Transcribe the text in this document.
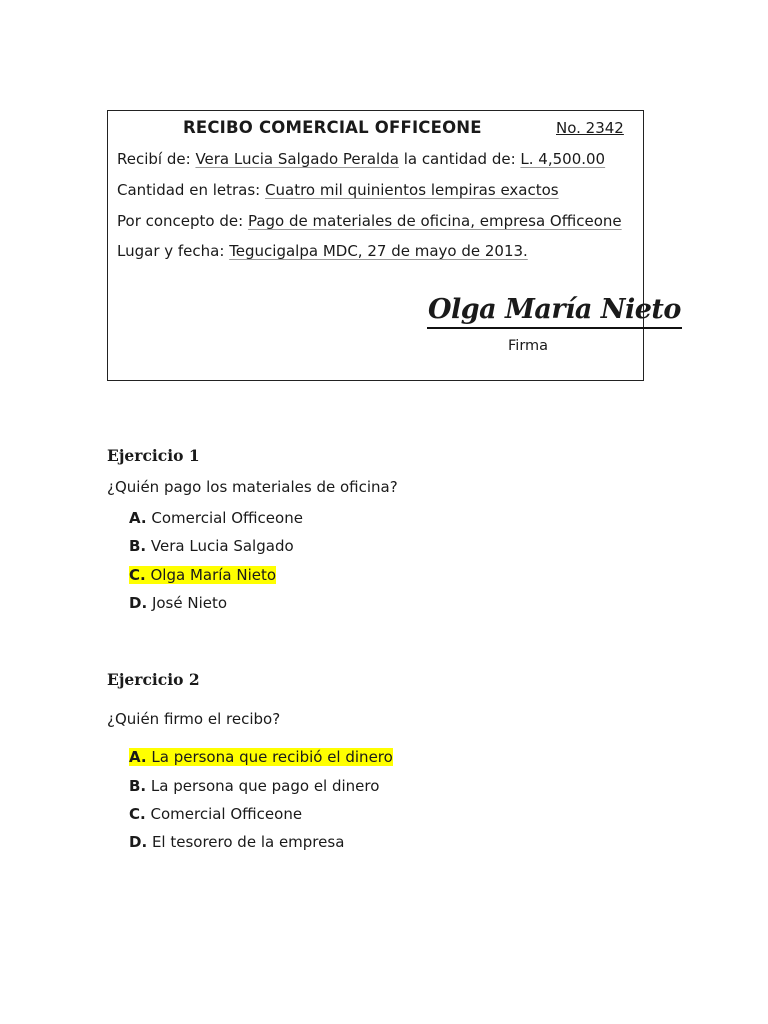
RECIBO COMERCIAL OFFICEONE	No. 2342
Recibí de: Vera Lucia Salgado Peralda la cantidad de: L. 4,500.00
Cantidad en letras: Cuatro mil quinientos lempiras exactos
Por concepto de: Pago de materiales de oficina, empresa Officeone
Lugar y fecha: Tegucigalpa MDC, 27 de mayo de 2013.
Olga María Nieto
Firma
Ejercicio 1
¿Quién pago los materiales de oficina?
A. Comercial Officeone
B. Vera Lucia Salgado
C. Olga María Nieto
D. José Nieto
Ejercicio 2
¿Quién firmo el recibo?
A. La persona que recibió el dinero
B. La persona que pago el dinero
C. Comercial Officeone
D. El tesorero de la empresa
